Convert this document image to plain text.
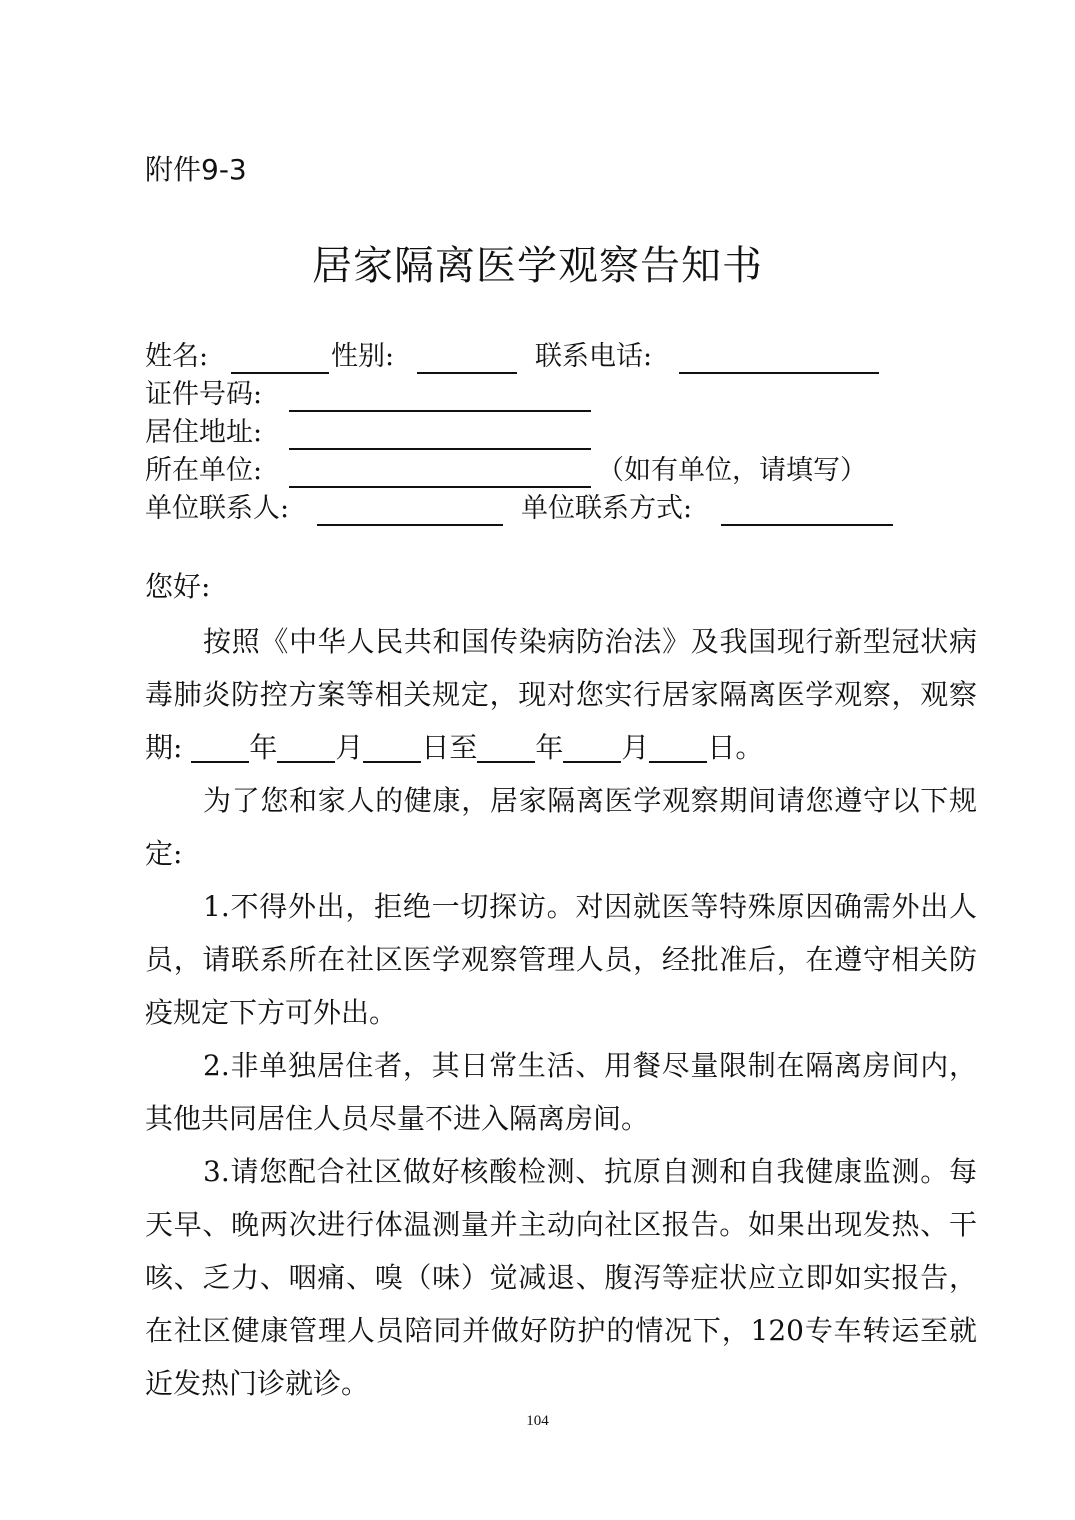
附件9-3
居家隔离医学观察告知书
姓名:	性别:	联系电话:
证件号码:
居住地址:
所在单位:	（如有单位，请填写）
单位联系人:	单位联系方式:

您好:

按照《中华人民共和国传染病防治法》及我国现行新型冠状病毒肺炎防控方案等相关规定，现对您实行居家隔离医学观察，观察期: 年 月 日至 年 月 日。

为了您和家人的健康，居家隔离医学观察期间请您遵守以下规定:

1.不得外出，拒绝一切探访。对因就医等特殊原因确需外出人员，请联系所在社区医学观察管理人员，经批准后，在遵守相关防疫规定下方可外出。

2.非单独居住者，其日常生活、用餐尽量限制在隔离房间内，其他共同居住人员尽量不进入隔离房间。

3.请您配合社区做好核酸检测、抗原自测和自我健康监测。每天早、晚两次进行体温测量并主动向社区报告。如果出现发热、干咳、乏力、咽痛、嗅（味）觉减退、腹泻等症状应立即如实报告，在社区健康管理人员陪同并做好防护的情况下，120专车转运至就近发热门诊就诊。

104
